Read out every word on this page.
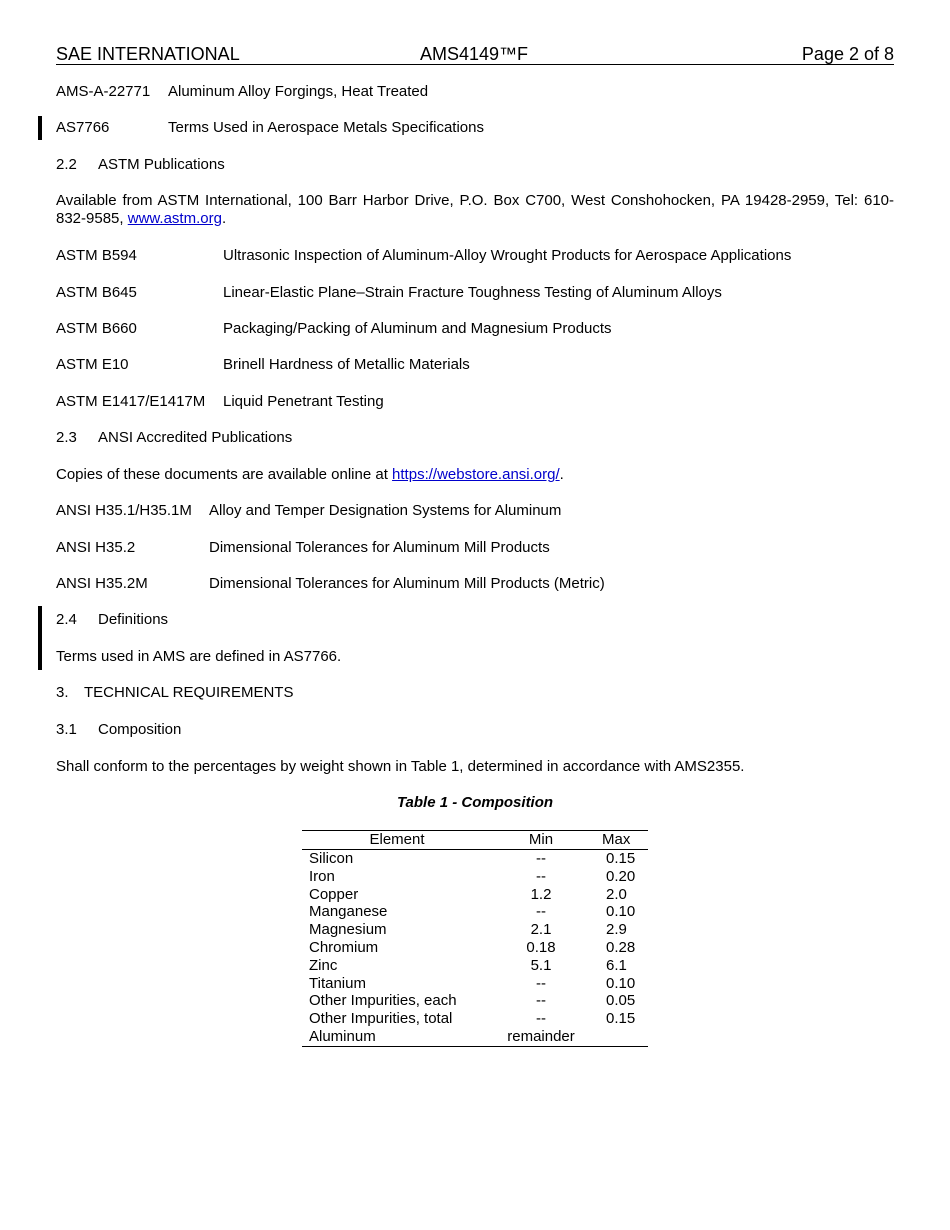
SAE INTERNATIONAL	AMS4149™F	Page 2 of 8
AMS-A-22771 Aluminum Alloy Forgings, Heat Treated
AS7766	Terms Used in Aerospace Metals Specifications
2.2 ASTM Publications
Available from ASTM International, 100 Barr Harbor Drive, P.O. Box C700, West Conshohocken, PA 19428-2959, Tel: 610-832-9585, www.astm.org.
ASTM B594	Ultrasonic Inspection of Aluminum-Alloy Wrought Products for Aerospace Applications
ASTM B645	Linear-Elastic Plane–Strain Fracture Toughness Testing of Aluminum Alloys
ASTM B660	Packaging/Packing of Aluminum and Magnesium Products
ASTM E10	Brinell Hardness of Metallic Materials
ASTM E1417/E1417M Liquid Penetrant Testing
2.3 ANSI Accredited Publications
Copies of these documents are available online at https://webstore.ansi.org/.
ANSI H35.1/H35.1M Alloy and Temper Designation Systems for Aluminum
ANSI H35.2	Dimensional Tolerances for Aluminum Mill Products
ANSI H35.2M	Dimensional Tolerances for Aluminum Mill Products (Metric)
2.4 Definitions
Terms used in AMS are defined in AS7766.
3. TECHNICAL REQUIREMENTS
3.1 Composition
Shall conform to the percentages by weight shown in Table 1, determined in accordance with AMS2355.
Table 1 - Composition
Element	Min	Max
Silicon	--	0.15
Iron	--	0.20
Copper	1.2	2.0
Manganese	--	0.10
Magnesium	2.1	2.9
Chromium	0.18	0.28
Zinc	5.1	6.1
Titanium	--	0.10
Other Impurities, each	--	0.05
Other Impurities, total	--	0.15
Aluminum	remainder	
